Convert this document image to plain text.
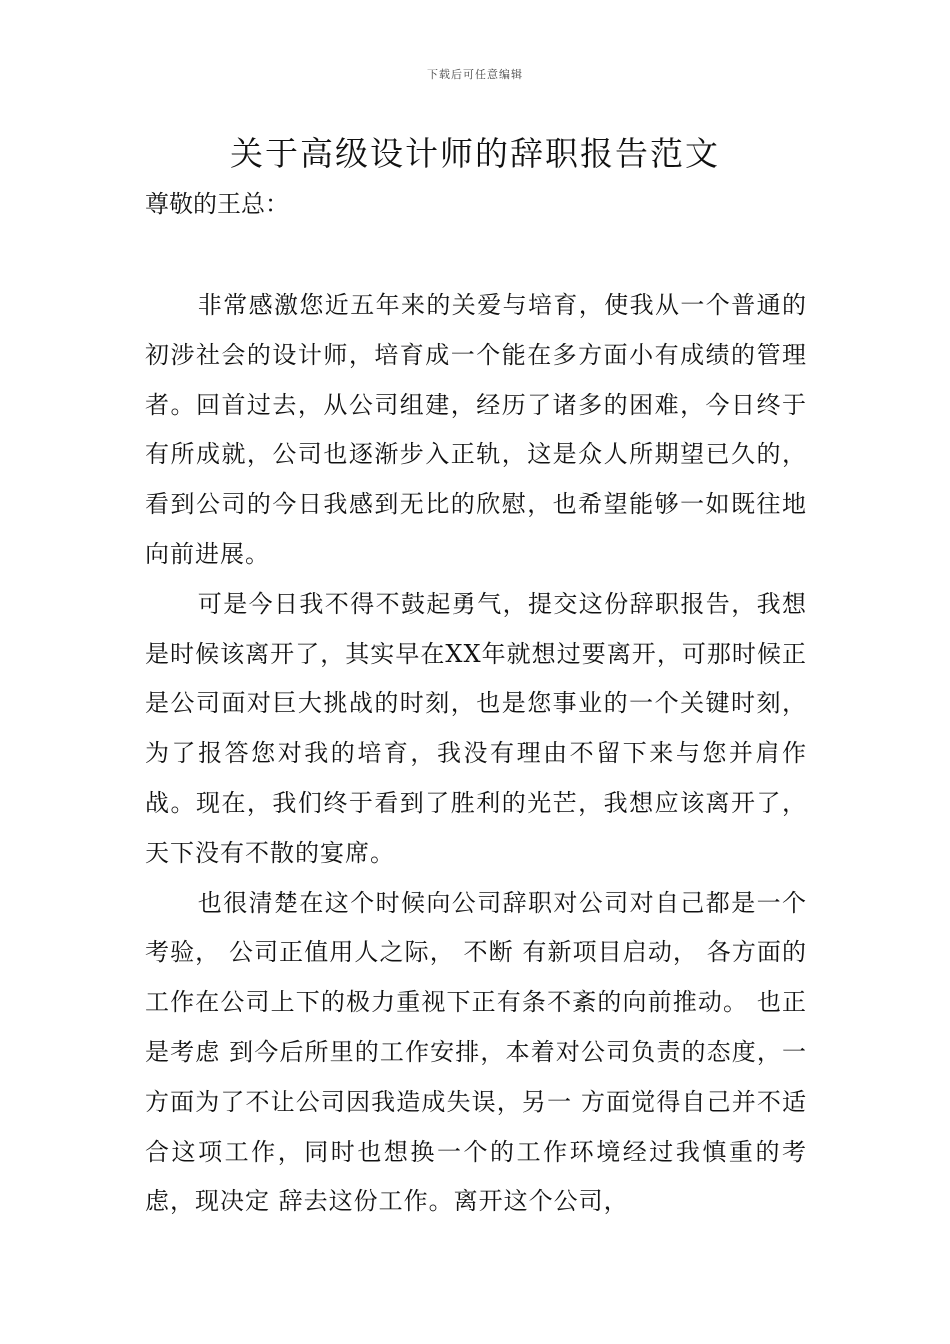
下载后可任意编辑
关于高级设计师的辞职报告范文

尊敬的王总：

非常感激您近五年来的关爱与培育，使我从一个普通的初涉社会的设计师，培育成一个能在多方面小有成绩的管理者。回首过去，从公司组建，经历了诸多的困难，今日终于有所成就，公司也逐渐步入正轨，这是众人所期望已久的，看到公司的今日我感到无比的欣慰，也希望能够一如既往地向前进展。

可是今日我不得不鼓起勇气，提交这份辞职报告，我想是时候该离开了，其实早在XX年就想过要离开，可那时候正是公司面对巨大挑战的时刻，也是您事业的一个关键时刻，为了报答您对我的培育，我没有理由不留下来与您并肩作战。现在，我们终于看到了胜利的光芒，我想应该离开了，天下没有不散的宴席。

也很清楚在这个时候向公司辞职对公司对自己都是一个考验， 公司正值用人之际， 不断 有新项目启动， 各方面的工作在公司上下的极力重视下正有条不紊的向前推动。 也正是考虑 到今后所里的工作安排，本着对公司负责的态度，一方面为了不让公司因我造成失误，另一 方面觉得自己并不适合这项工作，同时也想换一个的工作环境经过我慎重的考虑，现决定 辞去这份工作。离开这个公司，
